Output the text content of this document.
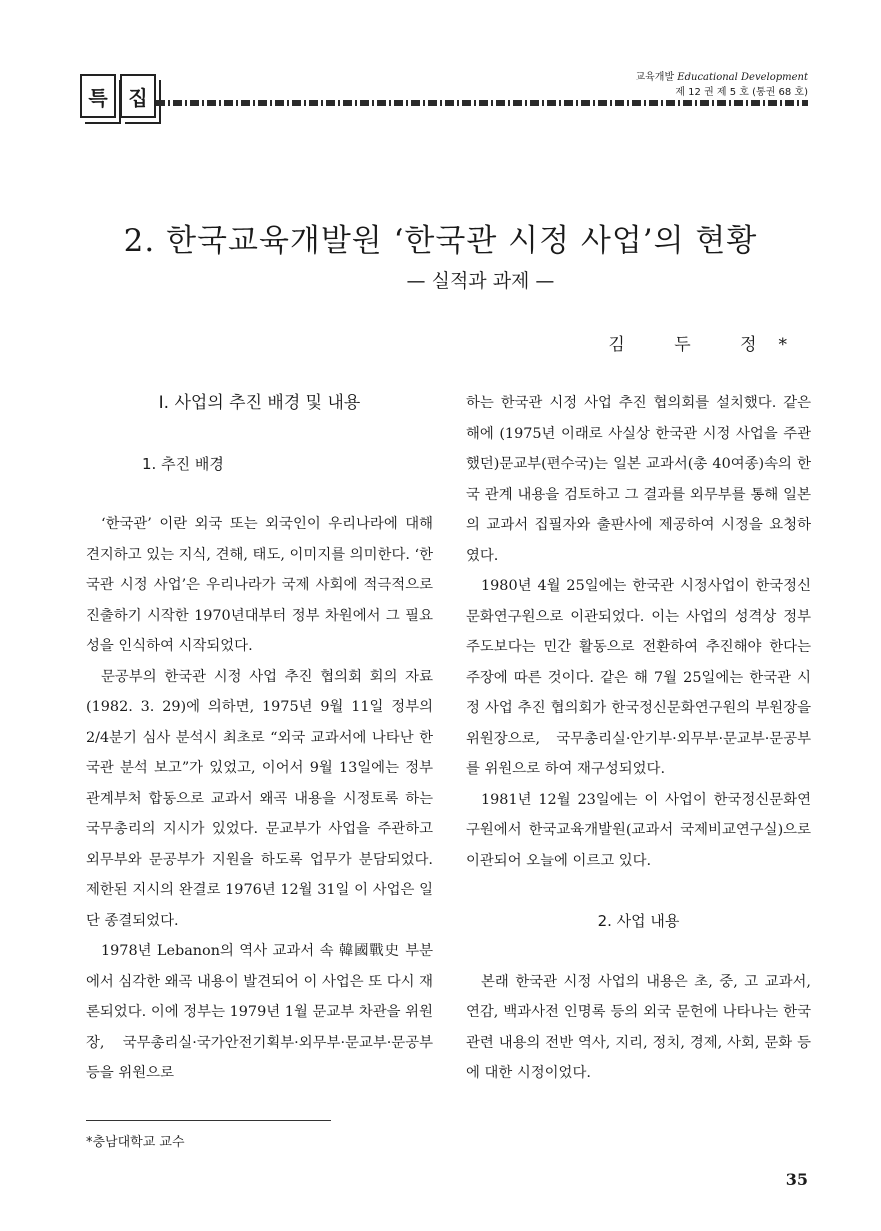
특	집
교육개발 Educational Development
제 12 권 제 5 호 (통권 68 호)
2. 한국교육개발원 ‘한국관 시정 사업’의 현황
— 실적과 과제 —
김 두 정*
Ⅰ. 사업의 추진 배경 및 내용
1. 추진 배경

‘한국관’ 이란 외국 또는 외국인이 우리나라에 대해 견지하고 있는 지식, 견해, 태도, 이미지를 의미한다. ‘한국관 시정 사업’은 우리나라가 국제 사회에 적극적으로 진출하기 시작한 1970년대부터 정부 차원에서 그 필요성을 인식하여 시작되었다.

문공부의 한국관 시정 사업 추진 협의회 회의 자료 (1982. 3. 29)에 의하면, 1975년 9월 11일 정부의 2/4분기 심사 분석시 최초로 “외국 교과서에 나타난 한국관 분석 보고”가 있었고, 이어서 9월 13일에는 정부 관계부처 합동으로 교과서 왜곡 내용을 시정토록 하는 국무총리의 지시가 있었다. 문교부가 사업을 주관하고 외무부와 문공부가 지원을 하도록 업무가 분담되었다. 제한된 지시의 완결로 1976년 12월 31일 이 사업은 일단 종결되었다.

1978년 Lebanon의 역사 교과서 속 韓國戰史 부분에서 심각한 왜곡 내용이 발견되어 이 사업은 또 다시 재론되었다. 이에 정부는 1979년 1월 문교부 차관을 위원장, 국무총리실·국가안전기획부·외무부·문교부·문공부 등을 위원으로

하는 한국관 시정 사업 추진 협의회를 설치했다. 같은 해에 (1975년 이래로 사실상 한국관 시정 사업을 주관했던)문교부(편수국)는 일본 교과서(총 40여종)속의 한국 관계 내용을 검토하고 그 결과를 외무부를 통해 일본의 교과서 집필자와 출판사에 제공하여 시정을 요청하였다.

1980년 4월 25일에는 한국관 시정사업이 한국정신문화연구원으로 이관되었다. 이는 사업의 성격상 정부 주도보다는 민간 활동으로 전환하여 추진해야 한다는 주장에 따른 것이다. 같은 해 7월 25일에는 한국관 시정 사업 추진 협의회가 한국정신문화연구원의 부원장을 위원장으로, 국무총리실·안기부·외무부·문교부·문공부를 위원으로 하여 재구성되었다.

1981년 12월 23일에는 이 사업이 한국정신문화연구원에서 한국교육개발원(교과서 국제비교연구실)으로 이관되어 오늘에 이르고 있다.

2. 사업 내용

본래 한국관 시정 사업의 내용은 초, 중, 고 교과서, 연감, 백과사전 인명록 등의 외국 문헌에 나타나는 한국관련 내용의 전반 역사, 지리, 정치, 경제, 사회, 문화 등에 대한 시정이었다.

*충남대학교 교수
35
